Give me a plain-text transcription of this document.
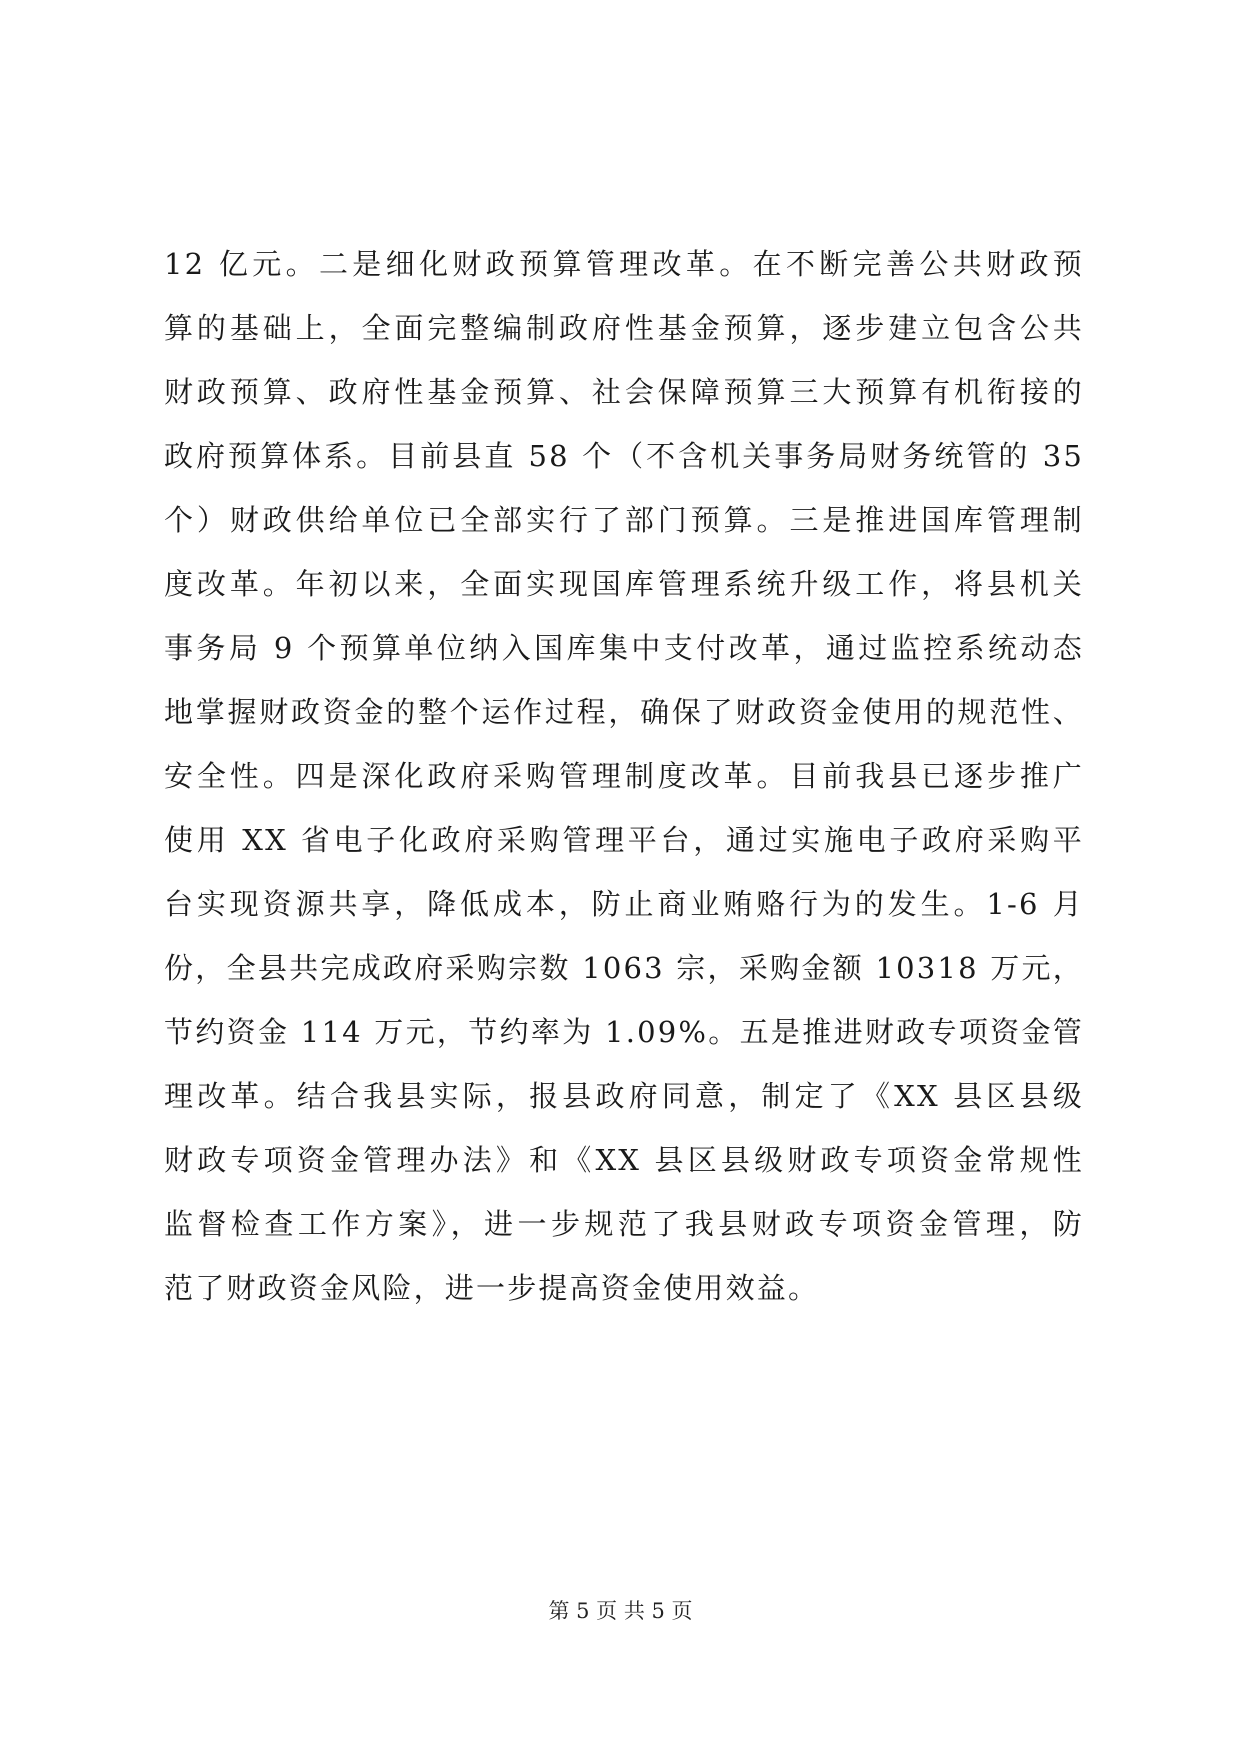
12 亿元。二是细化财政预算管理改革。在不断完善公共财政预
算的基础上，全面完整编制政府性基金预算，逐步建立包含公共
财政预算、政府性基金预算、社会保障预算三大预算有机衔接的
政府预算体系。目前县直 58 个（不含机关事务局财务统管的 35
个）财政供给单位已全部实行了部门预算。三是推进国库管理制
度改革。年初以来，全面实现国库管理系统升级工作，将县机关
事务局 9 个预算单位纳入国库集中支付改革，通过监控系统动态
地掌握财政资金的整个运作过程，确保了财政资金使用的规范性、
安全性。四是深化政府采购管理制度改革。目前我县已逐步推广
使用 XX 省电子化政府采购管理平台，通过实施电子政府采购平
台实现资源共享，降低成本，防止商业贿赂行为的发生。1-6 月
份，全县共完成政府采购宗数 1063 宗，采购金额 10318 万元，
节约资金 114 万元，节约率为 1.09%。五是推进财政专项资金管
理改革。结合我县实际，报县政府同意，制定了《XX 县区县级
财政专项资金管理办法》和《XX 县区县级财政专项资金常规性
监督检查工作方案》，进一步规范了我县财政专项资金管理，防
范了财政资金风险，进一步提高资金使用效益。
第 5 页 共 5 页
